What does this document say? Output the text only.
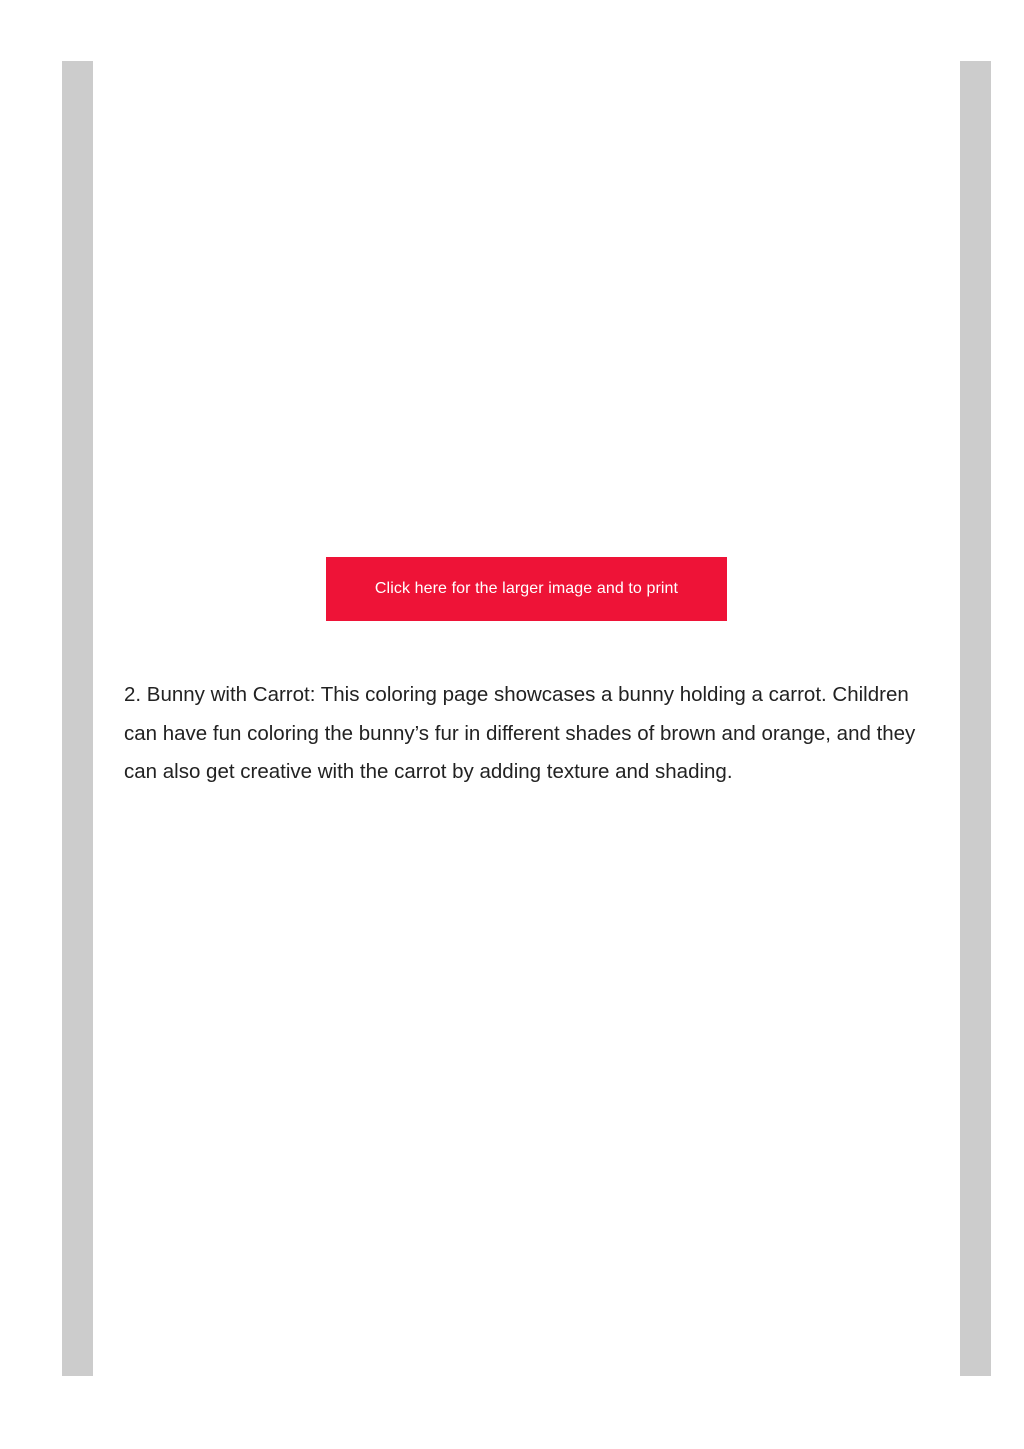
Click here for the larger image and to print

2. Bunny with Carrot: This coloring page showcases a bunny holding a carrot. Children can have fun coloring the bunny’s fur in different shades of brown and orange, and they can also get creative with the carrot by adding texture and shading.
